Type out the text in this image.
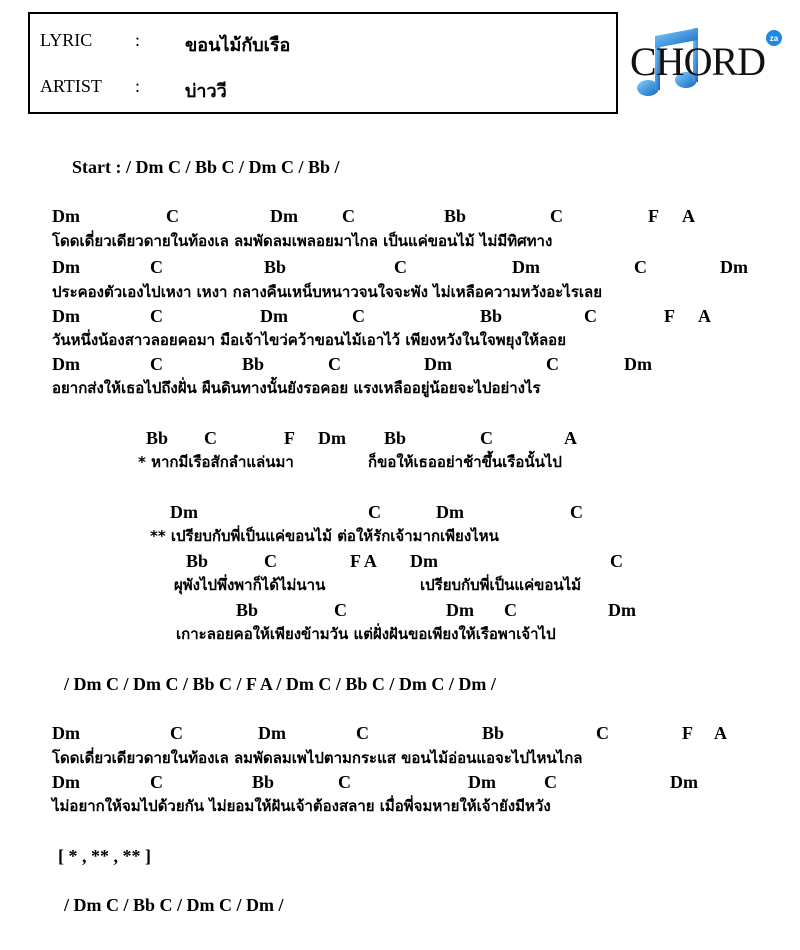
LYRIC	: ขอนไม้กับเรือ
ARTIST	: บ่าววี
za
CHORD
Start : / Dm C / Bb C / Dm C / Bb /
Dm	C	Dm C	Bb	C	F A
โดดเดี่ยวเดียวดายในท้องเล ลมพัดลมเพลอยมาไกล เป็นแค่ขอนไม้ ไม่มีทิศทาง
Dm	C	Bb	C	Dm	C	Dm
ประคองตัวเองไปเหงา เหงา กลางคืนเหน็บหนาวจนใจจะพัง ไม่เหลือความหวังอะไรเลย
Dm	C	Dm	C	Bb	C	F A
วันหนึ่งน้องสาวลอยคอมา มือเจ้าไขว่คว้าขอนไม้เอาไว้ เพียงหวังในใจพยุงให้ลอย
Dm	C	Bb	C	Dm	C	Dm
อยากส่งให้เธอไปถึงฝั่น ผืนดินทางนั้นยังรอคอย แรงเหลืออยู่น้อยจะไปอย่างไร
Bb C	F Dm Bb	C	A
* หากมีเรือสักลำแล่นมา	ก็ขอให้เธออย่าช้าขึ้นเรือนั้นไป
Dm	C	Dm	C
** เปรียบกับพี่เป็นแค่ขอนไม้ ต่อให้รักเจ้ามากเพียงไหน
Bb	C	F A Dm	C
ผุพังไปพึ่งพาก็ได้ไม่นาน	เปรียบกับพี่เป็นแค่ขอนไม้
Bb	C	Dm C	Dm
เกาะลอยคอให้เพียงข้ามวัน แต่ฝั่งฝันขอเพียงให้เรือพาเจ้าไป
/ Dm C / Dm C / Bb C / F A / Dm C / Bb C / Dm C / Dm /
Dm	C	Dm	C	Bb	C	F A
โดดเดี่ยวเดียวดายในท้องเล ลมพัดลมเพไปตามกระแส ขอนไม้อ่อนแอจะไปไหนไกล
Dm	C	Bb	C	Dm	C	Dm
ไม่อยากให้จมไปด้วยกัน ไม่ยอมให้ฝันเจ้าต้องสลาย เมื่อพี่จมหายให้เจ้ายังมีหวัง
[ * , ** , ** ]
/ Dm C / Bb C / Dm C / Dm /
